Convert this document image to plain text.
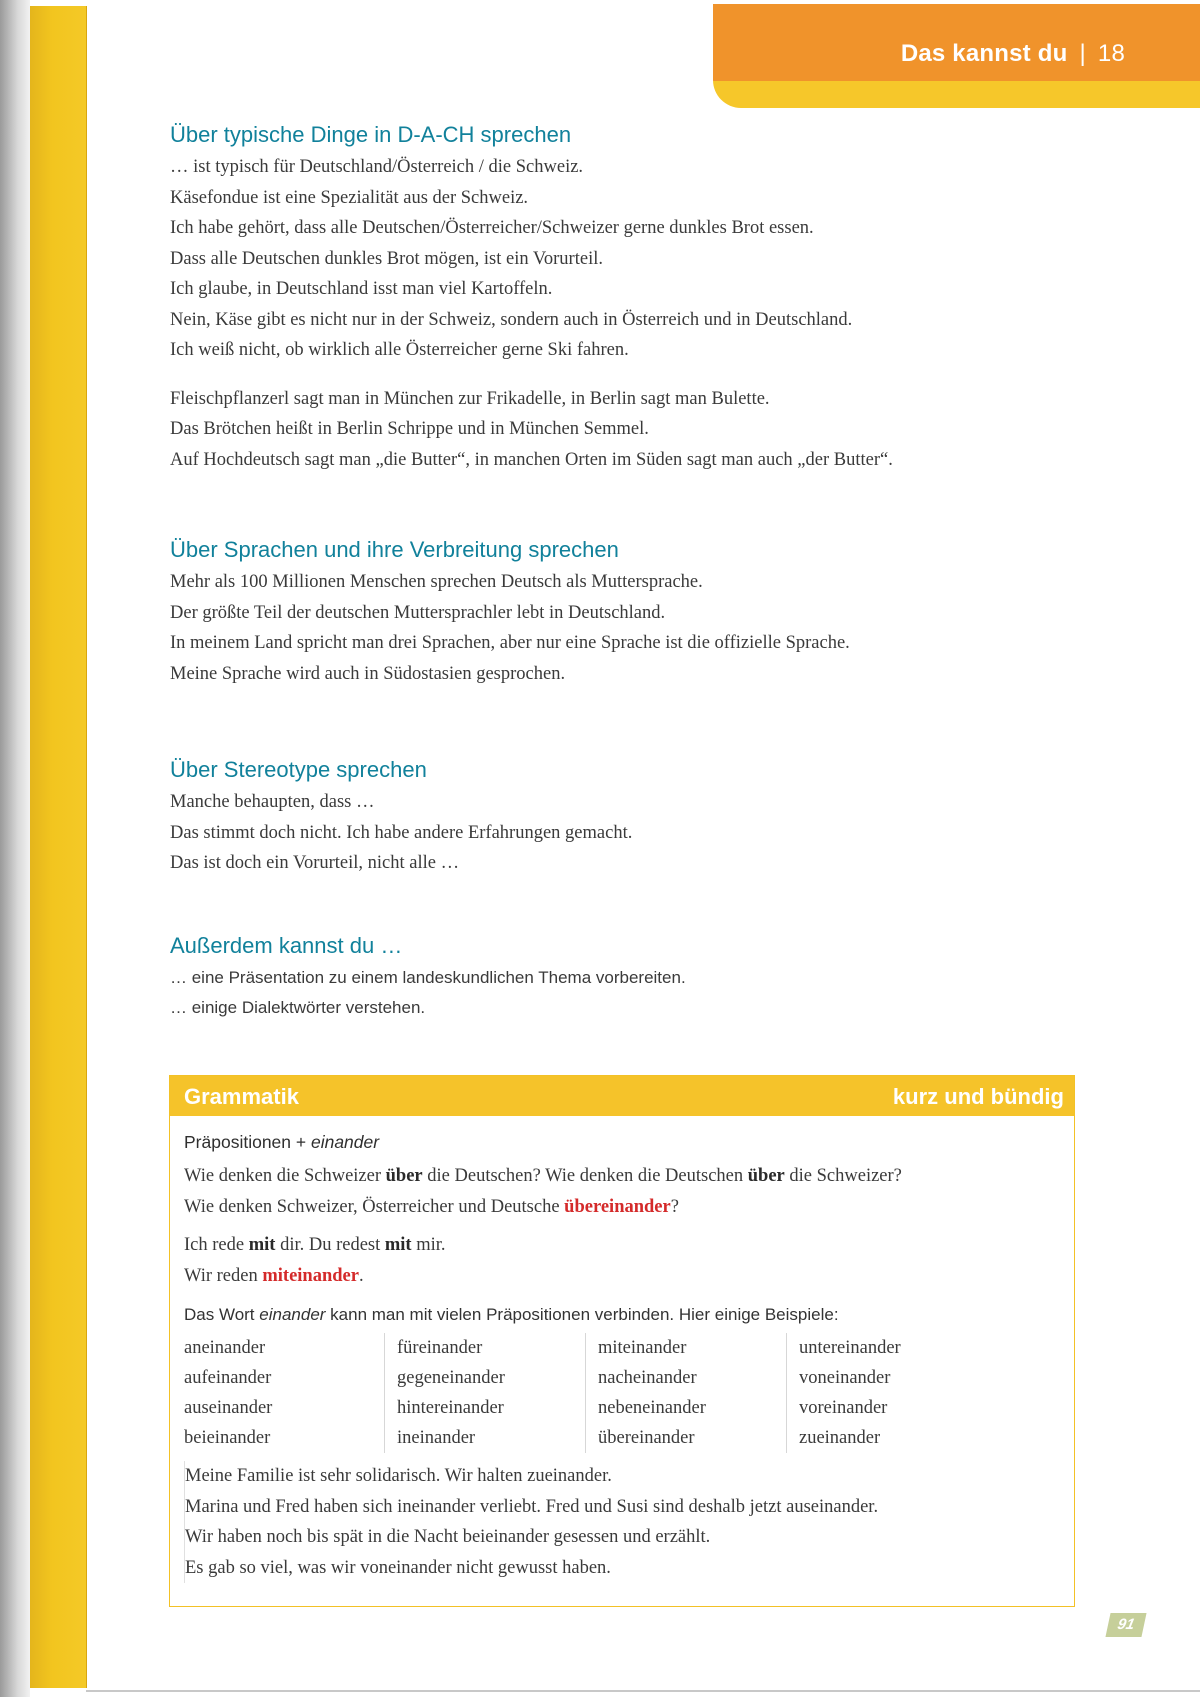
Das kannst du | 18
Über typische Dinge in D-A-CH sprechen
… ist typisch für Deutschland/Österreich / die Schweiz.
Käsefondue ist eine Spezialität aus der Schweiz.
Ich habe gehört, dass alle Deutschen/Österreicher/Schweizer gerne dunkles Brot essen.
Dass alle Deutschen dunkles Brot mögen, ist ein Vorurteil.
Ich glaube, in Deutschland isst man viel Kartoffeln.
Nein, Käse gibt es nicht nur in der Schweiz, sondern auch in Österreich und in Deutschland.
Ich weiß nicht, ob wirklich alle Österreicher gerne Ski fahren.
Fleischpflanzerl sagt man in München zur Frikadelle, in Berlin sagt man Bulette.
Das Brötchen heißt in Berlin Schrippe und in München Semmel.
Auf Hochdeutsch sagt man „die Butter“, in manchen Orten im Süden sagt man auch „der Butter“.
Über Sprachen und ihre Verbreitung sprechen
Mehr als 100 Millionen Menschen sprechen Deutsch als Muttersprache.
Der größte Teil der deutschen Muttersprachler lebt in Deutschland.
In meinem Land spricht man drei Sprachen, aber nur eine Sprache ist die offizielle Sprache.
Meine Sprache wird auch in Südostasien gesprochen.
Über Stereotype sprechen
Manche behaupten, dass …
Das stimmt doch nicht. Ich habe andere Erfahrungen gemacht.
Das ist doch ein Vorurteil, nicht alle …
Außerdem kannst du …
… eine Präsentation zu einem landeskundlichen Thema vorbereiten.
… einige Dialektwörter verstehen.
Grammatik	kurz und bündig
Präpositionen + einander
Wie denken die Schweizer über die Deutschen? Wie denken die Deutschen über die Schweizer?
Wie denken Schweizer, Österreicher und Deutsche übereinander?
Ich rede mit dir. Du redest mit mir.
Wir reden miteinander.
Das Wort einander kann man mit vielen Präpositionen verbinden. Hier einige Beispiele:
aneinander
aufeinander
auseinander
beieinander
füreinander
gegeneinander
hintereinander
ineinander
miteinander
nacheinander
nebeneinander
übereinander
untereinander
voneinander
voreinander
zueinander
Meine Familie ist sehr solidarisch. Wir halten zueinander.
Marina und Fred haben sich ineinander verliebt. Fred und Susi sind deshalb jetzt auseinander.
Wir haben noch bis spät in die Nacht beieinander gesessen und erzählt.
Es gab so viel, was wir voneinander nicht gewusst haben.
91
